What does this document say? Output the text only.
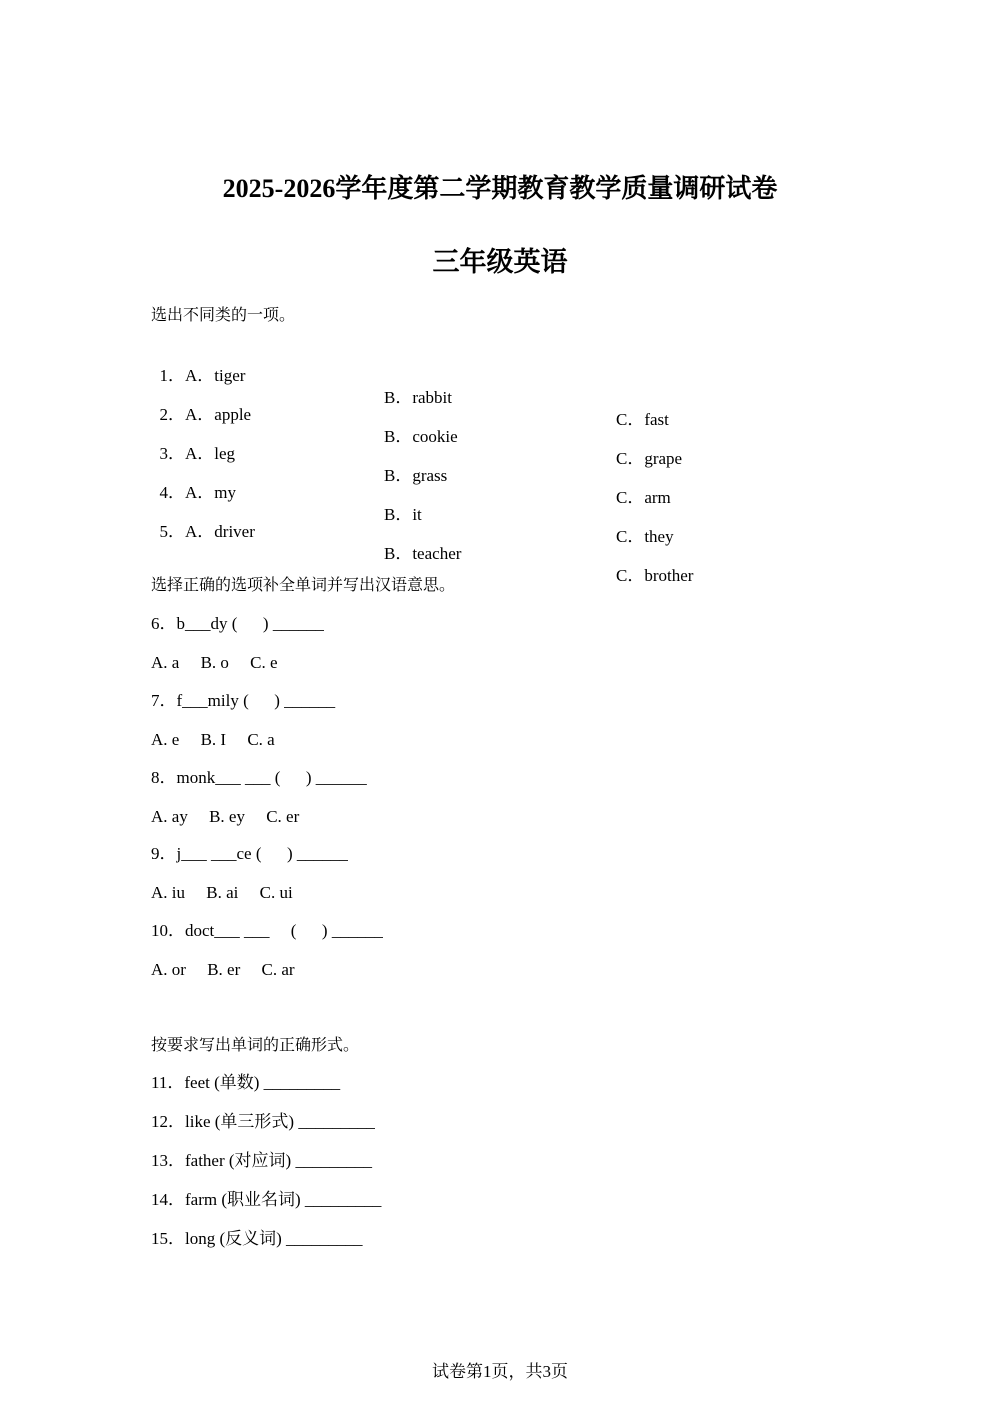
2025-2026学年度第二学期教育教学质量调研试卷
三年级英语
选出不同类的一项。

1．A．tiger

B．rabbit

C．fast

2．A．apple

B．cookie

C．grape

3．A．leg

B．grass

C．arm

4．A．my

B．it

C．they

5．A．driver

B．teacher

C．brother

选择正确的选项补全单词并写出汉语意思。
6．b___dy (      ) ______
A. a     B. o     C. e
7．f___mily (      ) ______
A. e     B. I     C. a
8．monk___ ___ (      ) ______
A. ay     B. ey     C. er
9．j___ ___ce (      ) ______
A. iu     B. ai     C. ui
10．doct___ ___     (      ) ______
A. or     B. er     C. ar
按要求写出单词的正确形式。
11．feet (单数) _________
12．like (单三形式) _________
13．father (对应词) _________
14．farm (职业名词) _________
15．long (反义词) _________
试卷第1页，共3页
